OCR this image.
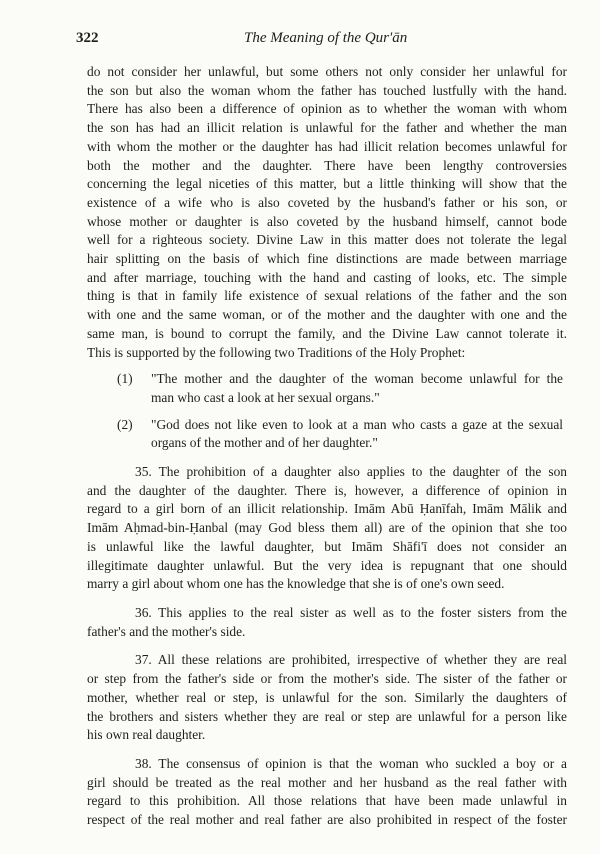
322	The Meaning of the Qur'ān
do not consider her unlawful, but some others not only consider her unlawful for
the son but also the woman whom the father has touched lustfully with the hand.
There has also been a difference of opinion as to whether the woman with whom
the son has had an illicit relation is unlawful for the father and whether the man
with whom the mother or the daughter has had illicit relation becomes unlawful for
both the mother and the daughter. There have been lengthy controversies
concerning the legal niceties of this matter, but a little thinking will show that the
existence of a wife who is also coveted by the husband's father or his son, or
whose mother or daughter is also coveted by the husband himself, cannot bode
well for a righteous society. Divine Law in this matter does not tolerate the legal
hair splitting on the basis of which fine distinctions are made between marriage
and after marriage, touching with the hand and casting of looks, etc. The simple
thing is that in family life existence of sexual relations of the father and the son
with one and the same woman, or of the mother and the daughter with one and the
same man, is bound to corrupt the family, and the Divine Law cannot tolerate it.
This is supported by the following two Traditions of the Holy Prophet:
(1) "The mother and the daughter of the woman become unlawful for the
man who cast a look at her sexual organs."
(2) "God does not like even to look at a man who casts a gaze at the sexual
organs of the mother and of her daughter."
35. The prohibition of a daughter also applies to the daughter of the son
and the daughter of the daughter. There is, however, a difference of opinion in
regard to a girl born of an illicit relationship. Imām Abū Ḥanīfah, Imām Mālik and
Imām Aḥmad-bin-Ḥanbal (may God bless them all) are of the opinion that she too
is unlawful like the lawful daughter, but Imām Shāfi'ī does not consider an
illegitimate daughter unlawful. But the very idea is repugnant that one should
marry a girl about whom one has the knowledge that she is of one's own seed.
36. This applies to the real sister as well as to the foster sisters from the
father's and the mother's side.
37. All these relations are prohibited, irrespective of whether they are real
or step from the father's side or from the mother's side. The sister of the father or
mother, whether real or step, is unlawful for the son. Similarly the daughters of
the brothers and sisters whether they are real or step are unlawful for a person like
his own real daughter.
38. The consensus of opinion is that the woman who suckled a boy or a
girl should be treated as the real mother and her husband as the real father with
regard to this prohibition. All those relations that have been made unlawful in
respect of the real mother and real father are also prohibited in respect of the foster
